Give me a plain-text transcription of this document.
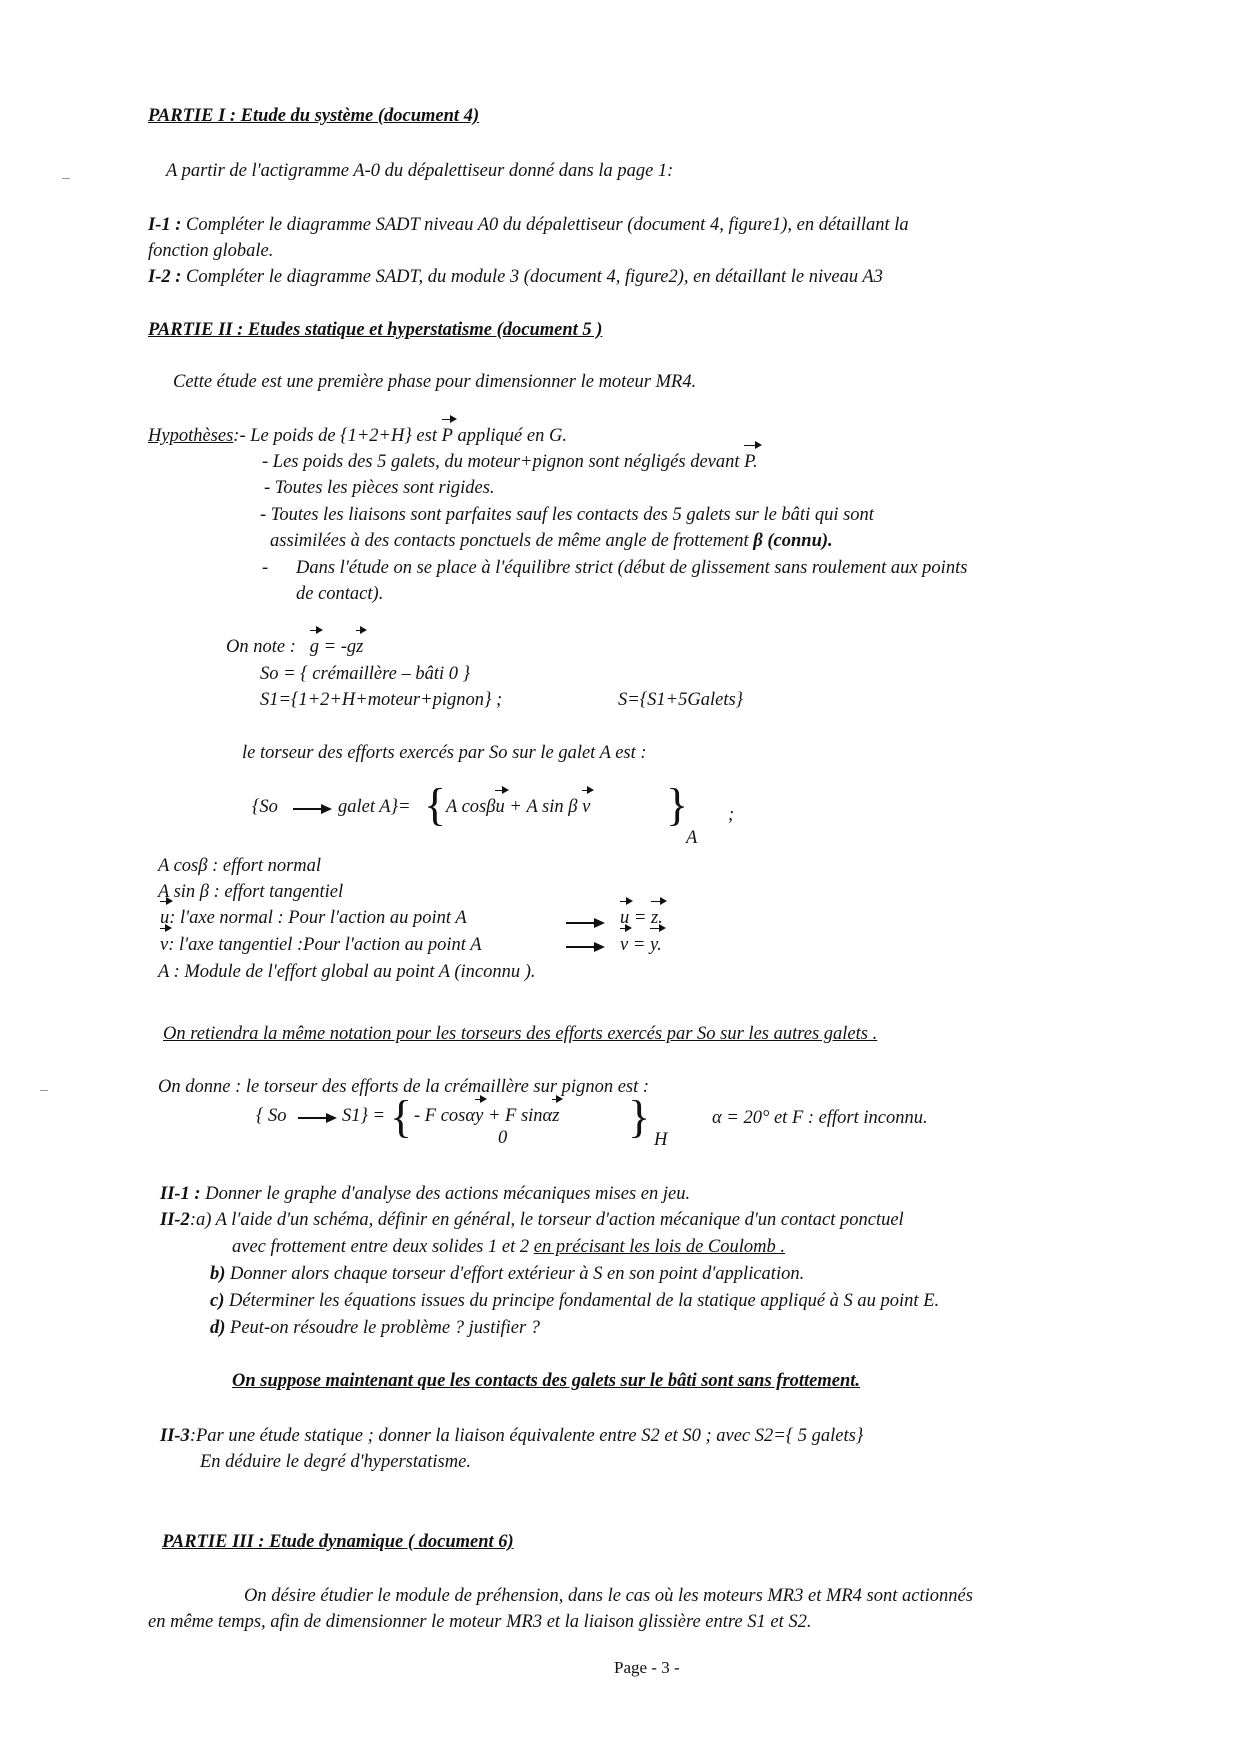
PARTIE I : Etude du système (document 4)
A partir de l'actigramme A-0 du dépalettiseur donné dans la page 1:
I-1 : Compléter le diagramme SADT niveau A0 du dépalettiseur (document 4, figure1), en détaillant la
fonction globale.
I-2 : Compléter le diagramme SADT, du module 3 (document 4, figure2), en détaillant le niveau A3
PARTIE II : Etudes statique et hyperstatisme (document 5 )
Cette étude est une première phase pour dimensionner le moteur MR4.
Hypothèses:- Le poids de {1+2+H} est P appliqué en G.
- Les poids des 5 galets, du moteur+pignon sont négligés devant P.
- Toutes les pièces sont rigides.
- Toutes les liaisons sont parfaites sauf les contacts des 5 galets sur le bâti qui sont
assimilées à des contacts ponctuels de même angle de frottement β (connu).
- Dans l'étude on se place à l'équilibre strict (début de glissement sans roulement aux points
de contact).
On note : g = -gz
So = { crémaillère – bâti 0 }
S1={1+2+H+moteur+pignon} ;	S={S1+5Galets}
le torseur des efforts exercés par So sur le galet A est :
{So	galet A}= { A cosβu + A sin β v }
A
;
A cosβ : effort normal
A sin β : effort tangentiel
u: l'axe normal : Pour l'action au point A	u = z.
v: l'axe tangentiel :Pour l'action au point A	v = y.
A : Module de l'effort global au point A (inconnu ).
On retiendra la même notation pour les torseurs des efforts exercés par So sur les autres galets .
On donne : le torseur des efforts de la crémaillère sur pignon est :
{ So	S1} = { - F cosαy + F sinαz
0	} H
α = 20° et F : effort inconnu.
II-1 : Donner le graphe d'analyse des actions mécaniques mises en jeu.
II-2:a) A l'aide d'un schéma, définir en général, le torseur d'action mécanique d'un contact ponctuel
avec frottement entre deux solides 1 et 2 en précisant les lois de Coulomb .
b) Donner alors chaque torseur d'effort extérieur à S en son point d'application.
c) Déterminer les équations issues du principe fondamental de la statique appliqué à S au point E.
d) Peut-on résoudre le problème ? justifier ?
On suppose maintenant que les contacts des galets sur le bâti sont sans frottement.
II-3:Par une étude statique ; donner la liaison équivalente entre S2 et S0 ; avec S2={ 5 galets}
En déduire le degré d'hyperstatisme.
PARTIE III : Etude dynamique ( document 6)
On désire étudier le module de préhension, dans le cas où les moteurs MR3 et MR4 sont actionnés
en même temps, afin de dimensionner le moteur MR3 et la liaison glissière entre S1 et S2.
Page - 3 -
